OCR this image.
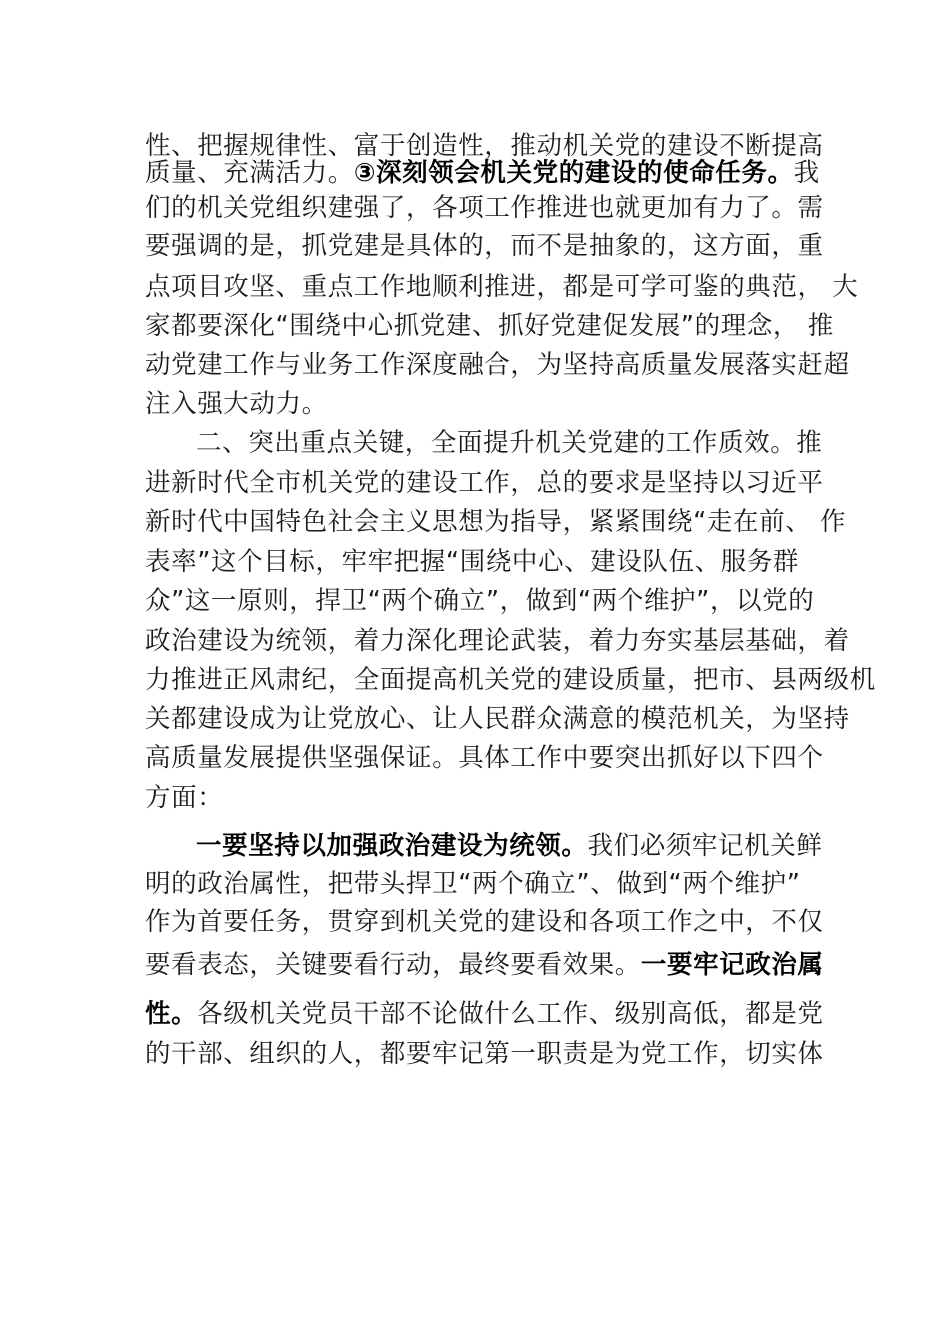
性、把握规律性、富于创造性，推动机关党的建设不断提高
质量、充满活力。③深刻领会机关党的建设的使命任务。我
们的机关党组织建强了，各项工作推进也就更加有力了。需
要强调的是，抓党建是具体的，而不是抽象的，这方面，重
点项目攻坚、重点工作地顺利推进，都是可学可鉴的典范， 大
家都要深化“围绕中心抓党建、抓好党建促发展”的理念， 推
动党建工作与业务工作深度融合，为坚持高质量发展落实赶超
注入强大动力。
二、突出重点关键，全面提升机关党建的工作质效。推
进新时代全市机关党的建设工作，总的要求是坚持以习近平
新时代中国特色社会主义思想为指导，紧紧围绕“走在前、 作
表率”这个目标，牢牢把握“围绕中心、建设队伍、服务群
众”这一原则，捍卫“两个确立”，做到“两个维护”，以党的
政治建设为统领，着力深化理论武装，着力夯实基层基础，着
力推进正风肃纪，全面提高机关党的建设质量，把市、县两级机
关都建设成为让党放心、让人民群众满意的模范机关，为坚持
高质量发展提供坚强保证。具体工作中要突出抓好以下四个
方面：
一要坚持以加强政治建设为统领。我们必须牢记机关鲜
明的政治属性，把带头捍卫“两个确立”、做到“两个维护”
作为首要任务，贯穿到机关党的建设和各项工作之中，不仅
要看表态，关键要看行动，最终要看效果。一要牢记政治属
性。各级机关党员干部不论做什么工作、级别高低，都是党
的干部、组织的人，都要牢记第一职责是为党工作，切实体
